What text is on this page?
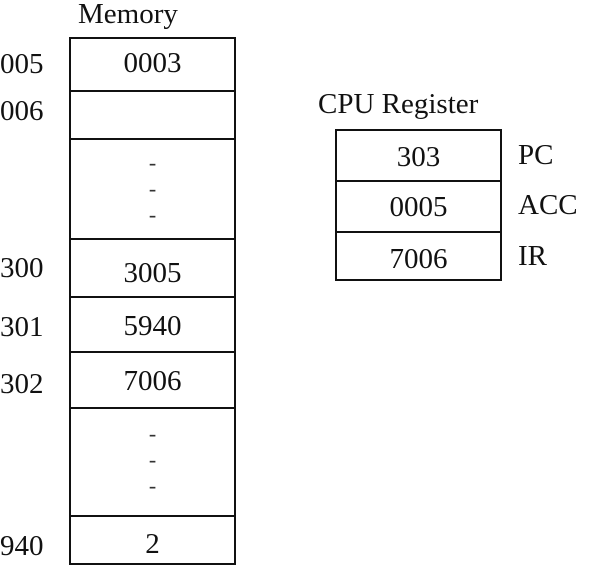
Memory
CPU Register
0003
-
-
-
3005
5940
7006
-
-
-
2
005
006
300
301
302
940
303
0005
7006
PC
ACC
IR
